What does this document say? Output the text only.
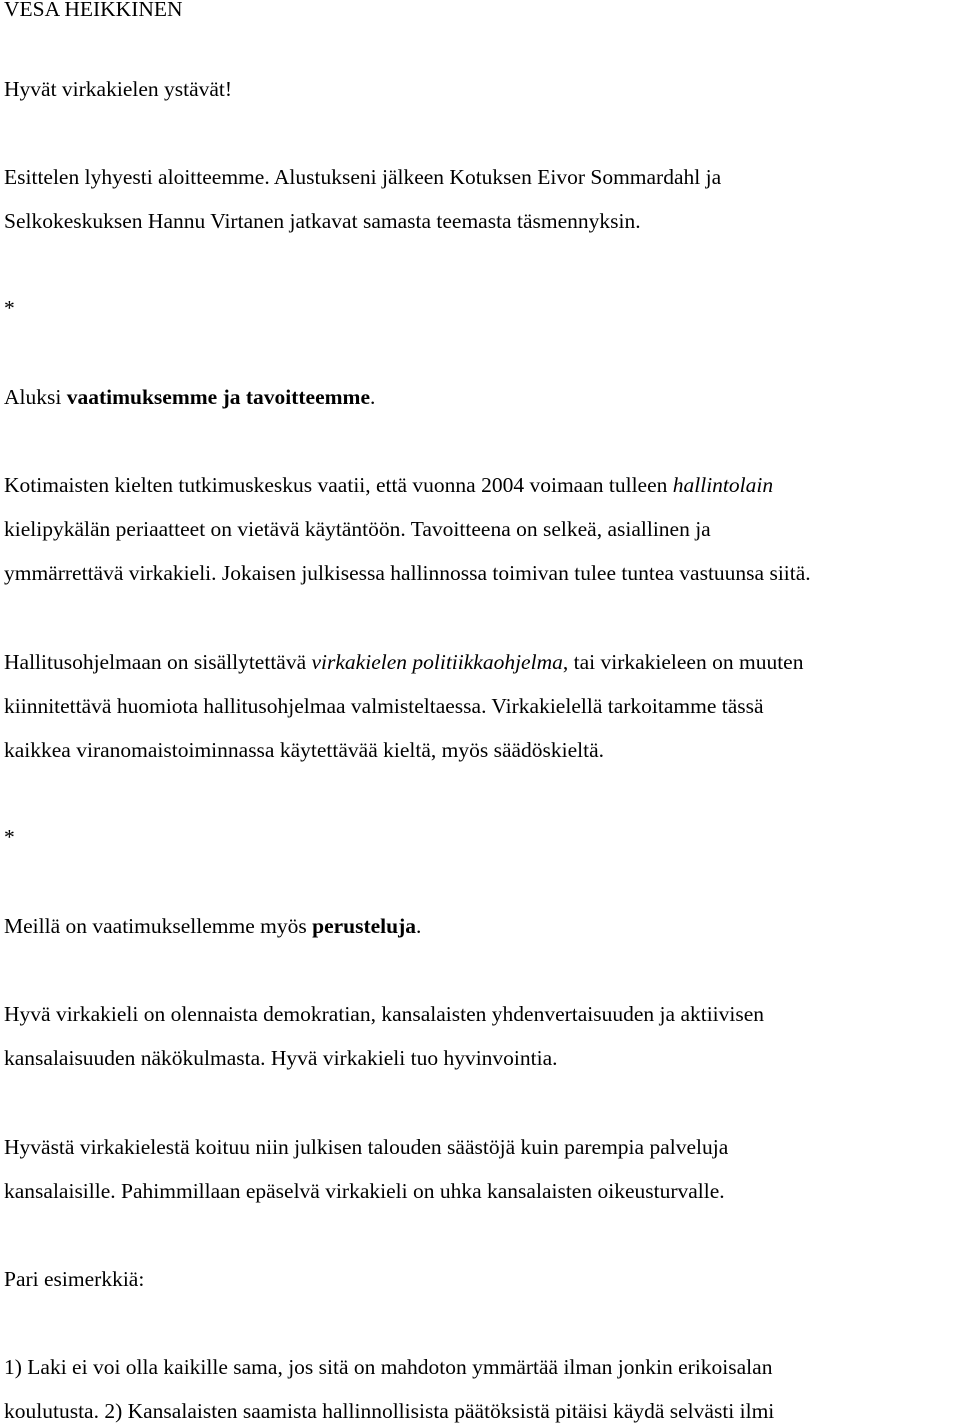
VESA HEIKKINEN
Hyvät virkakielen ystävät!
Esittelen lyhyesti aloitteemme. Alustukseni jälkeen Kotuksen Eivor Sommardahl ja
Selkokeskuksen Hannu Virtanen jatkavat samasta teemasta täsmennyksin.
*
Aluksi vaatimuksemme ja tavoitteemme.
Kotimaisten kielten tutkimuskeskus vaatii, että vuonna 2004 voimaan tulleen hallintolain
kielipykälän periaatteet on vietävä käytäntöön. Tavoitteena on selkeä, asiallinen ja
ymmärrettävä virkakieli. Jokaisen julkisessa hallinnossa toimivan tulee tuntea vastuunsa siitä.
Hallitusohjelmaan on sisällytettävä virkakielen politiikkaohjelma, tai virkakieleen on muuten
kiinnitettävä huomiota hallitusohjelmaa valmisteltaessa. Virkakielellä tarkoitamme tässä
kaikkea viranomaistoiminnassa käytettävää kieltä, myös säädöskieltä.
*
Meillä on vaatimuksellemme myös perusteluja.
Hyvä virkakieli on olennaista demokratian, kansalaisten yhdenvertaisuuden ja aktiivisen
kansalaisuuden näkökulmasta. Hyvä virkakieli tuo hyvinvointia.
Hyvästä virkakielestä koituu niin julkisen talouden säästöjä kuin parempia palveluja
kansalaisille. Pahimmillaan epäselvä virkakieli on uhka kansalaisten oikeusturvalle.
Pari esimerkkiä:
1) Laki ei voi olla kaikille sama, jos sitä on mahdoton ymmärtää ilman jonkin erikoisalan
koulutusta. 2) Kansalaisten saamista hallinnollisista päätöksistä pitäisi käydä selvästi ilmi
